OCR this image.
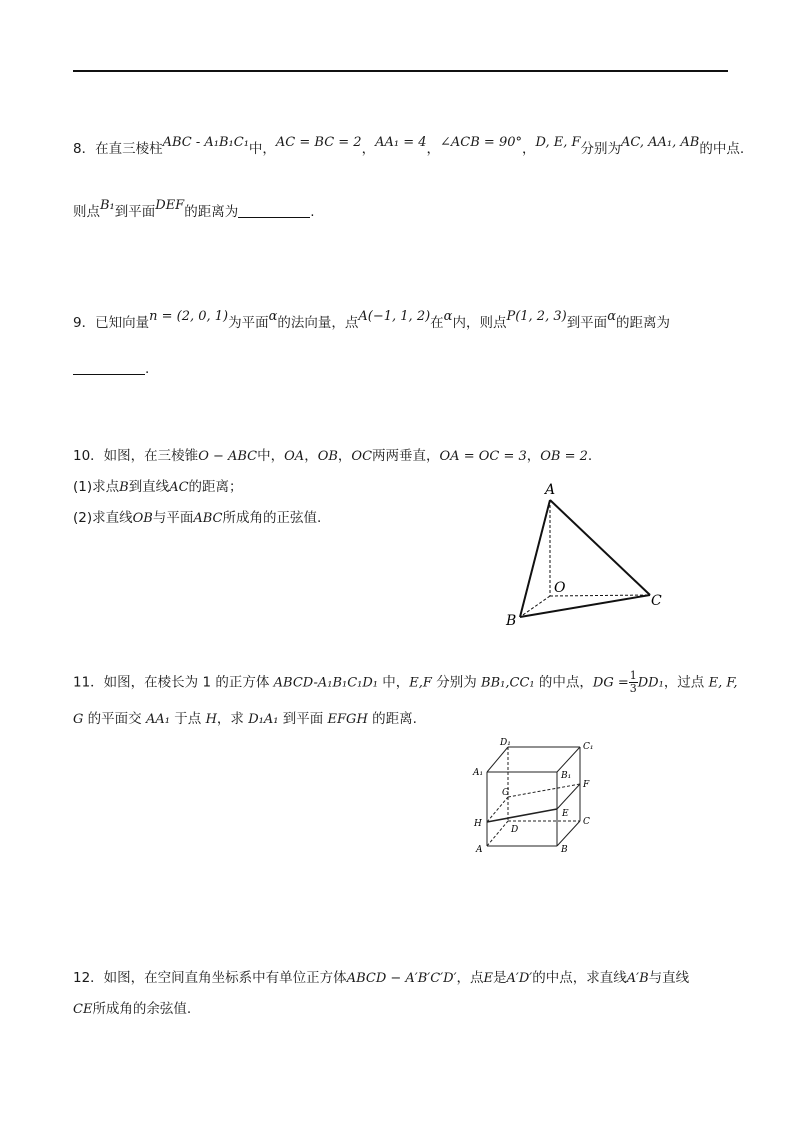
8．在直三棱柱ABC - A₁B₁C₁中，AC = BC = 2，AA₁ = 4，∠ACB = 90°，D, E, F分别为AC, AA₁, AB的中点.
则点B₁到平面DEF的距离为	.
9．已知向量n = (2, 0, 1)为平面α的法向量，点A(−1, 1, 2)在α内，则点P(1, 2, 3)到平面α的距离为
.
10．如图，在三棱锥O − ABC中，OA，OB，OC两两垂直，OA = OC = 3，OB = 2.
(1)求点B到直线AC的距离；
(2)求直线OB与平面ABC所成角的正弦值.
A
O
B
C
11．如图，在棱长为 1 的正方体 ABCD-A₁B₁C₁D₁ 中，E,F 分别为 BB₁,CC₁ 的中点，DG = $\frac{1}{3} DD_1$，过点 E, F,
G 的平面交 AA₁ 于点 H，求 D₁A₁ 到平面 EFGH 的距离.
D₁	C₁
A₁	B₁
G
F
E
H
D
C
A	B
12．如图，在空间直角坐标系中有单位正方体ABCD − A′B′C′D′，点E是A′D′的中点，求直线A′B与直线
CE所成角的余弦值.
